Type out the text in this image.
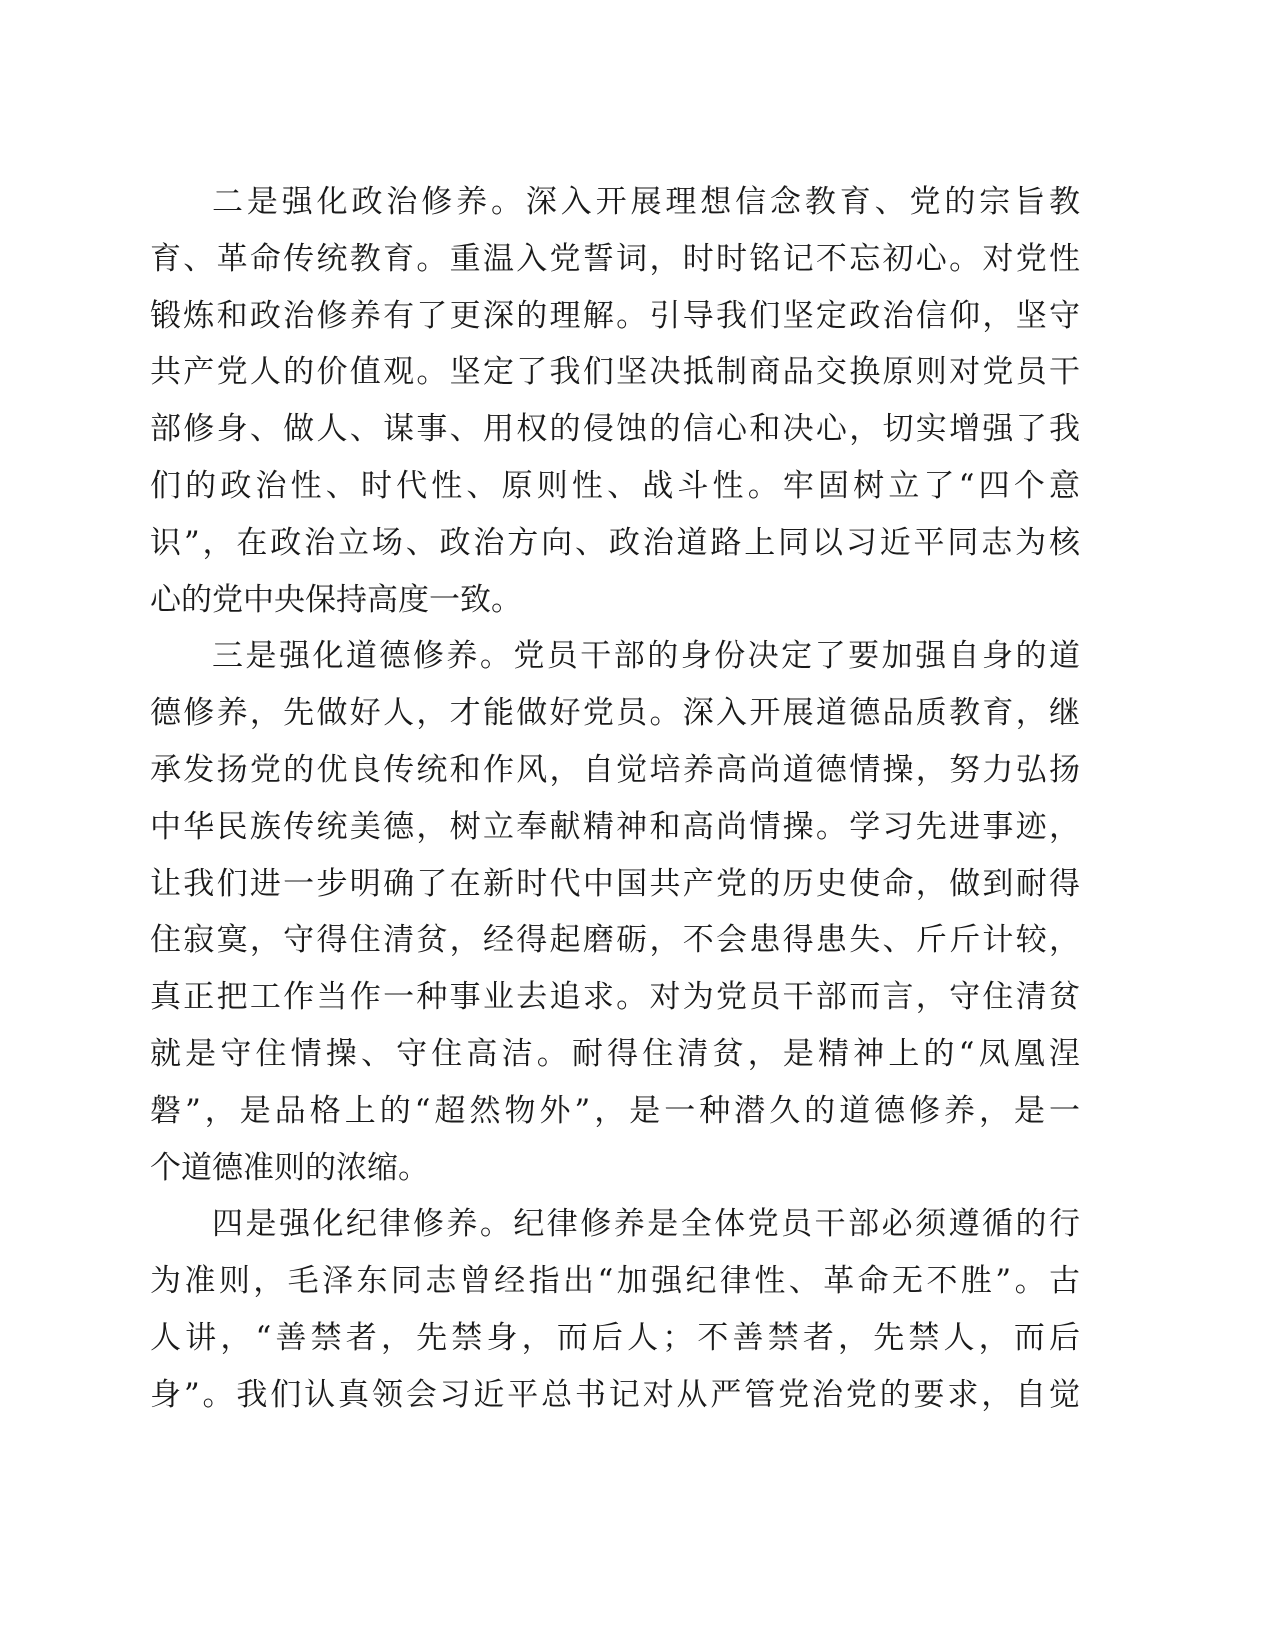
二是强化政治修养。深入开展理想信念教育、党的宗旨教
育、革命传统教育。重温入党誓词，时时铭记不忘初心。对党性
锻炼和政治修养有了更深的理解。引导我们坚定政治信仰，坚守
共产党人的价值观。坚定了我们坚决抵制商品交换原则对党员干
部修身、做人、谋事、用权的侵蚀的信心和决心，切实增强了我
们的政治性、时代性、原则性、战斗性。牢固树立了“四个意
识”，在政治立场、政治方向、政治道路上同以习近平同志为核
心的党中央保持高度一致。
三是强化道德修养。党员干部的身份决定了要加强自身的道
德修养，先做好人，才能做好党员。深入开展道德品质教育，继
承发扬党的优良传统和作风，自觉培养高尚道德情操，努力弘扬
中华民族传统美德，树立奉献精神和高尚情操。学习先进事迹，
让我们进一步明确了在新时代中国共产党的历史使命，做到耐得
住寂寞，守得住清贫，经得起磨砺，不会患得患失、斤斤计较，
真正把工作当作一种事业去追求。对为党员干部而言，守住清贫
就是守住情操、守住高洁。耐得住清贫，是精神上的“凤凰涅
磐”，是品格上的“超然物外”，是一种潜久的道德修养，是一
个道德准则的浓缩。
四是强化纪律修养。纪律修养是全体党员干部必须遵循的行
为准则，毛泽东同志曾经指出“加强纪律性、革命无不胜”。古
人讲，“善禁者，先禁身，而后人；不善禁者，先禁人，而后
身”。我们认真领会习近平总书记对从严管党治党的要求，自觉
